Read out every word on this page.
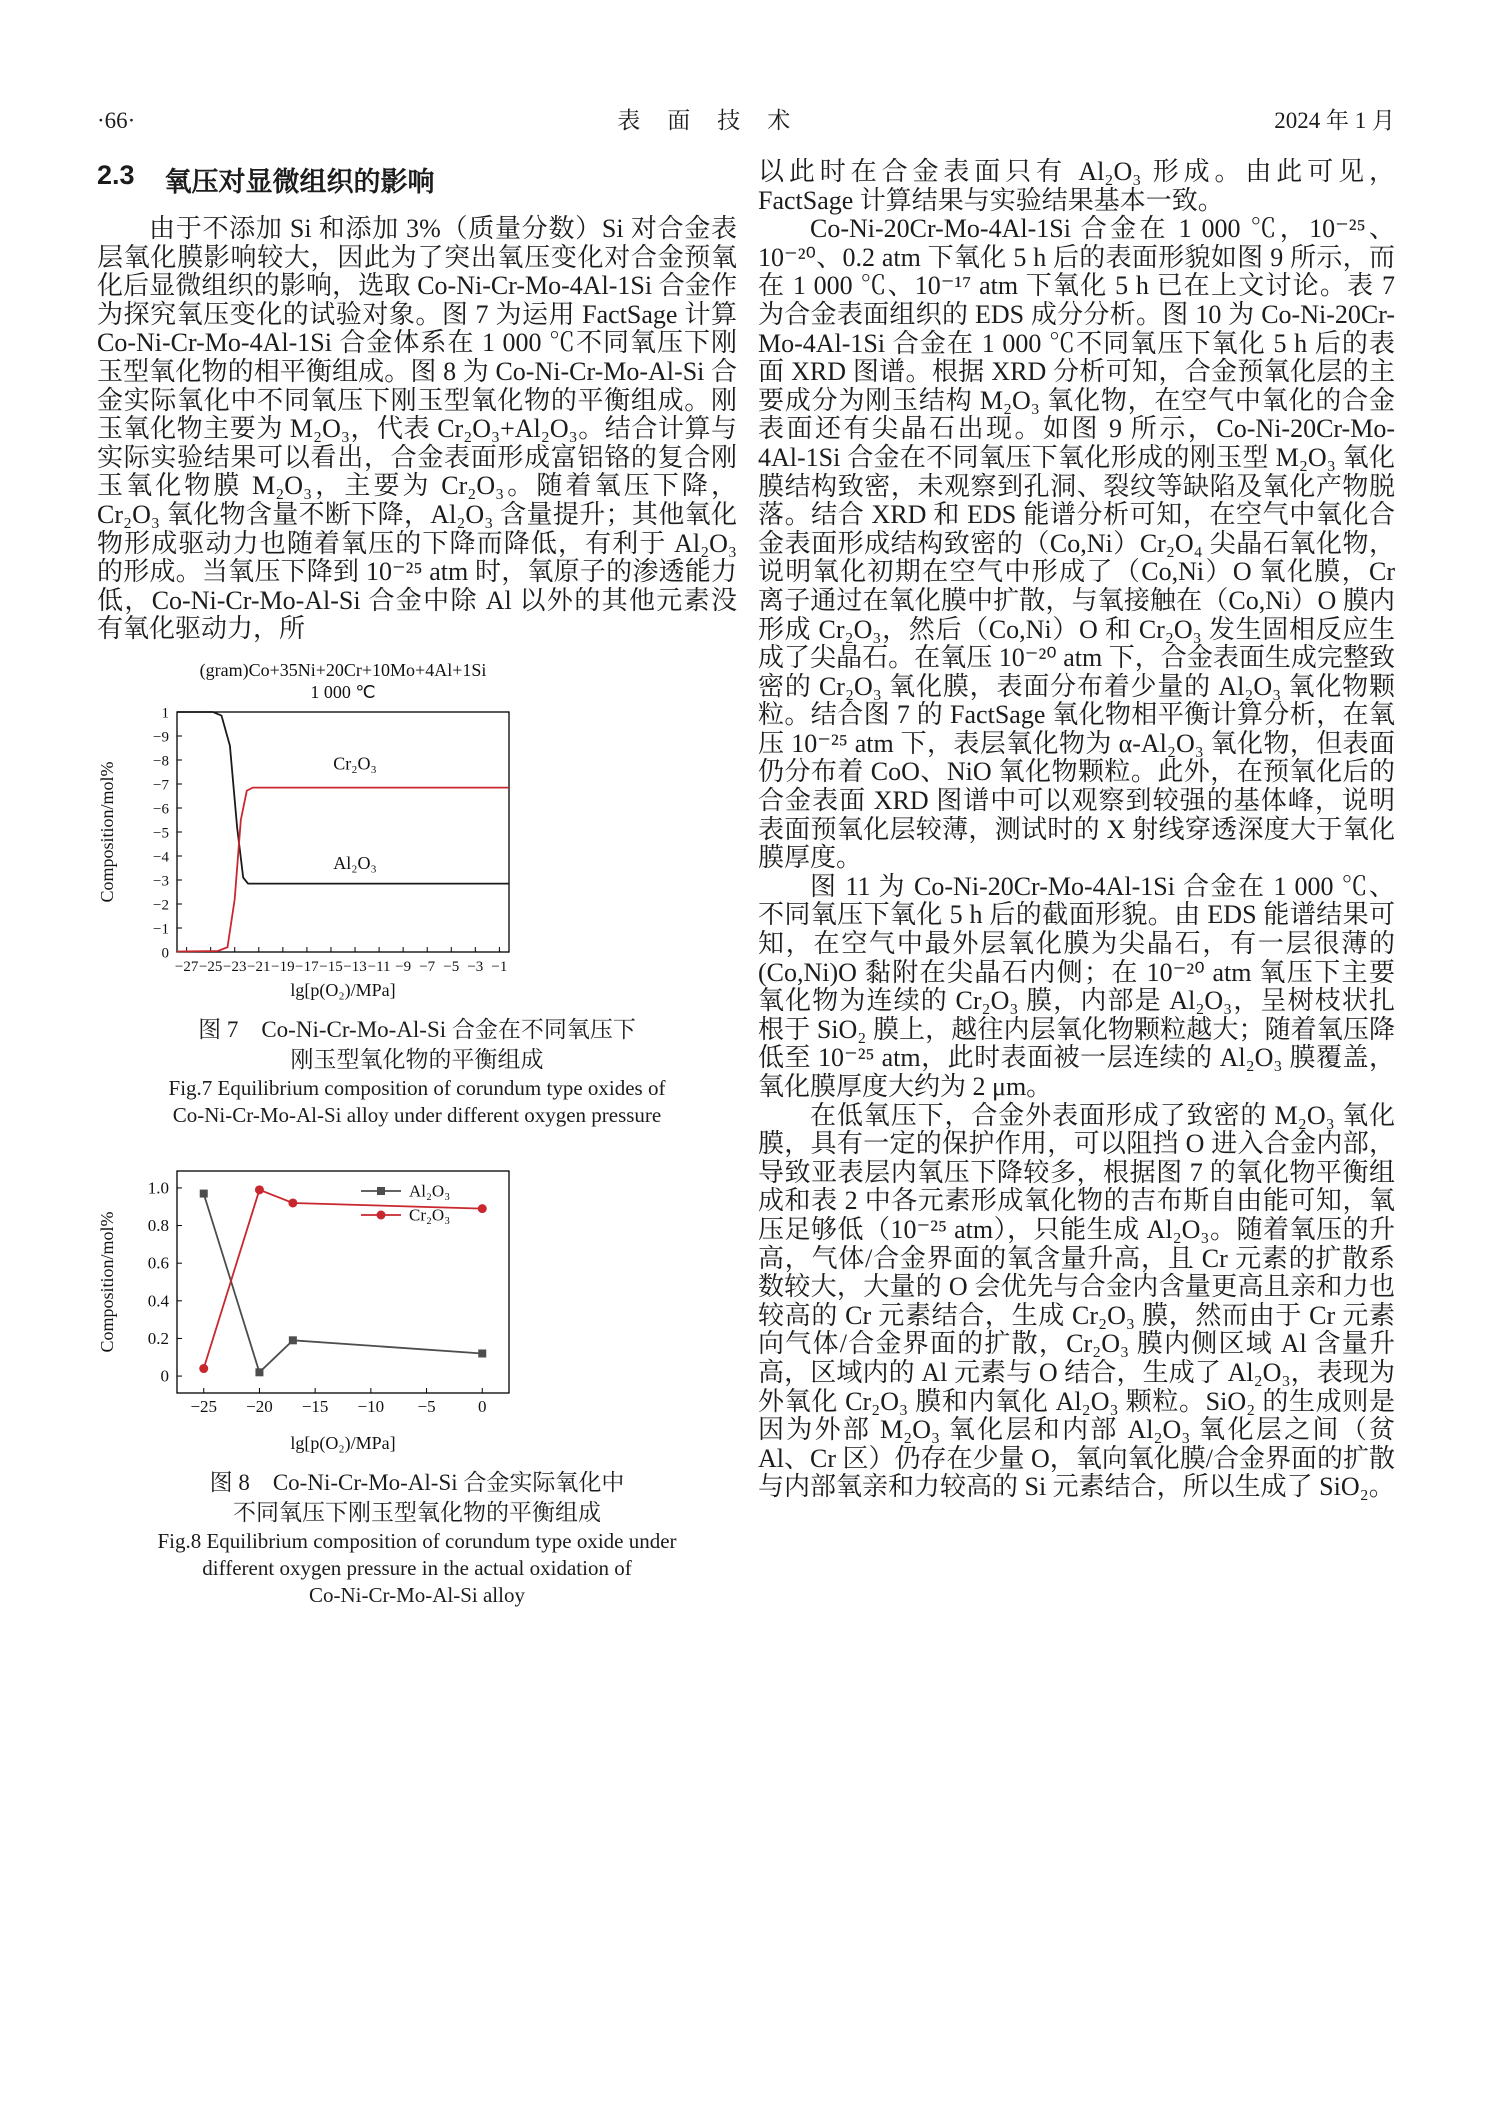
·66·	表　面　技　术	2024 年 1 月
2.3 氧压对显微组织的影响

由于不添加 Si 和添加 3%（质量分数）Si 对合金表层氧化膜影响较大，因此为了突出氧压变化对合金预氧化后显微组织的影响，选取 Co-Ni-Cr-Mo-4Al-1Si 合金作为探究氧压变化的试验对象。图 7 为运用 FactSage 计算 Co-Ni-Cr-Mo-4Al-1Si 合金体系在 1 000 ℃不同氧压下刚玉型氧化物的相平衡组成。图 8 为 Co-Ni-Cr-Mo-Al-Si 合金实际氧化中不同氧压下刚玉型氧化物的平衡组成。刚玉氧化物主要为 M₂O₃，代表 Cr₂O₃+Al₂O₃。结合计算与实际实验结果可以看出，合金表面形成富铝铬的复合刚玉氧化物膜 M₂O₃，主要为 Cr₂O₃。随着氧压下降，Cr₂O₃ 氧化物含量不断下降，Al₂O₃ 含量提升；其他氧化物形成驱动力也随着氧压的下降而降低，有利于 Al₂O₃ 的形成。当氧压下降到 10⁻²⁵ atm 时，氧原子的渗透能力低，Co-Ni-Cr-Mo-Al-Si 合金中除 Al 以外的其他元素没有氧化驱动力，所

−27 −25 −23 −21 −19 −17 −15 −13 −11 −9 −7 −5 −3 −1
1
−9
−8
−7
−6
−5
−4
−3
−2
−1
0
Al₂O₃
Cr₂O₃
(gram)Co+35Ni+20Cr+10Mo+4Al+1Si
1 000 ℃
lg[p(O₂)/MPa]
Composition/mol%
图 7　Co-Ni-Cr-Mo-Al-Si 合金在不同氧压下
刚玉型氧化物的平衡组成
Fig.7 Equilibrium composition of corundum type oxides of
Co-Ni-Cr-Mo-Al-Si alloy under different oxygen pressure
−25 −20 −15 −10 −5 0
0
0.2
0.4
0.6
0.8
1.0
lg[p(O₂)/MPa]
Composition/mol%
Al₂O₃
Cr₂O₃
图 8　Co-Ni-Cr-Mo-Al-Si 合金实际氧化中
不同氧压下刚玉型氧化物的平衡组成
Fig.8 Equilibrium composition of corundum type oxide under
different oxygen pressure in the actual oxidation of
Co-Ni-Cr-Mo-Al-Si alloy

以此时在合金表面只有 Al₂O₃ 形成。由此可见，FactSage 计算结果与实验结果基本一致。

Co-Ni-20Cr-Mo-4Al-1Si 合金在 1 000 ℃，10⁻²⁵、10⁻²⁰、0.2 atm 下氧化 5 h 后的表面形貌如图 9 所示，而在 1 000 ℃、10⁻¹⁷ atm 下氧化 5 h 已在上文讨论。表 7 为合金表面组织的 EDS 成分分析。图 10 为 Co-Ni-20Cr-Mo-4Al-1Si 合金在 1 000 ℃不同氧压下氧化 5 h 后的表面 XRD 图谱。根据 XRD 分析可知，合金预氧化层的主要成分为刚玉结构 M₂O₃ 氧化物，在空气中氧化的合金表面还有尖晶石出现。如图 9 所示，Co-Ni-20Cr-Mo-4Al-1Si 合金在不同氧压下氧化形成的刚玉型 M₂O₃ 氧化膜结构致密，未观察到孔洞、裂纹等缺陷及氧化产物脱落。结合 XRD 和 EDS 能谱分析可知，在空气中氧化合金表面形成结构致密的（Co,Ni）Cr₂O₄ 尖晶石氧化物，说明氧化初期在空气中形成了（Co,Ni）O 氧化膜，Cr 离子通过在氧化膜中扩散，与氧接触在（Co,Ni）O 膜内形成 Cr₂O₃，然后（Co,Ni）O 和 Cr₂O₃ 发生固相反应生成了尖晶石。在氧压 10⁻²⁰ atm 下，合金表面生成完整致密的 Cr₂O₃ 氧化膜，表面分布着少量的 Al₂O₃ 氧化物颗粒。结合图 7 的 FactSage 氧化物相平衡计算分析，在氧压 10⁻²⁵ atm 下，表层氧化物为 α-Al₂O₃ 氧化物，但表面仍分布着 CoO、NiO 氧化物颗粒。此外，在预氧化后的合金表面 XRD 图谱中可以观察到较强的基体峰，说明表面预氧化层较薄，测试时的 X 射线穿透深度大于氧化膜厚度。

图 11 为 Co-Ni-20Cr-Mo-4Al-1Si 合金在 1 000 ℃、不同氧压下氧化 5 h 后的截面形貌。由 EDS 能谱结果可知，在空气中最外层氧化膜为尖晶石，有一层很薄的(Co,Ni)O 黏附在尖晶石内侧；在 10⁻²⁰ atm 氧压下主要氧化物为连续的 Cr₂O₃ 膜，内部是 Al₂O₃，呈树枝状扎根于 SiO₂ 膜上，越往内层氧化物颗粒越大；随着氧压降低至 10⁻²⁵ atm，此时表面被一层连续的 Al₂O₃ 膜覆盖，氧化膜厚度大约为 2 μm。

在低氧压下，合金外表面形成了致密的 M₂O₃ 氧化膜，具有一定的保护作用，可以阻挡 O 进入合金内部，导致亚表层内氧压下降较多，根据图 7 的氧化物平衡组成和表 2 中各元素形成氧化物的吉布斯自由能可知，氧压足够低（10⁻²⁵ atm），只能生成 Al₂O₃。随着氧压的升高，气体/合金界面的氧含量升高，且 Cr 元素的扩散系数较大，大量的 O 会优先与合金内含量更高且亲和力也较高的 Cr 元素结合，生成 Cr₂O₃ 膜，然而由于 Cr 元素向气体/合金界面的扩散，Cr₂O₃ 膜内侧区域 Al 含量升高，区域内的 Al 元素与 O 结合，生成了 Al₂O₃，表现为外氧化 Cr₂O₃ 膜和内氧化 Al₂O₃ 颗粒。SiO₂ 的生成则是因为外部 M₂O₃ 氧化层和内部 Al₂O₃ 氧化层之间（贫 Al、Cr 区）仍存在少量 O，氧向氧化膜/合金界面的扩散与内部氧亲和力较高的 Si 元素结合，所以生成了 SiO₂。
